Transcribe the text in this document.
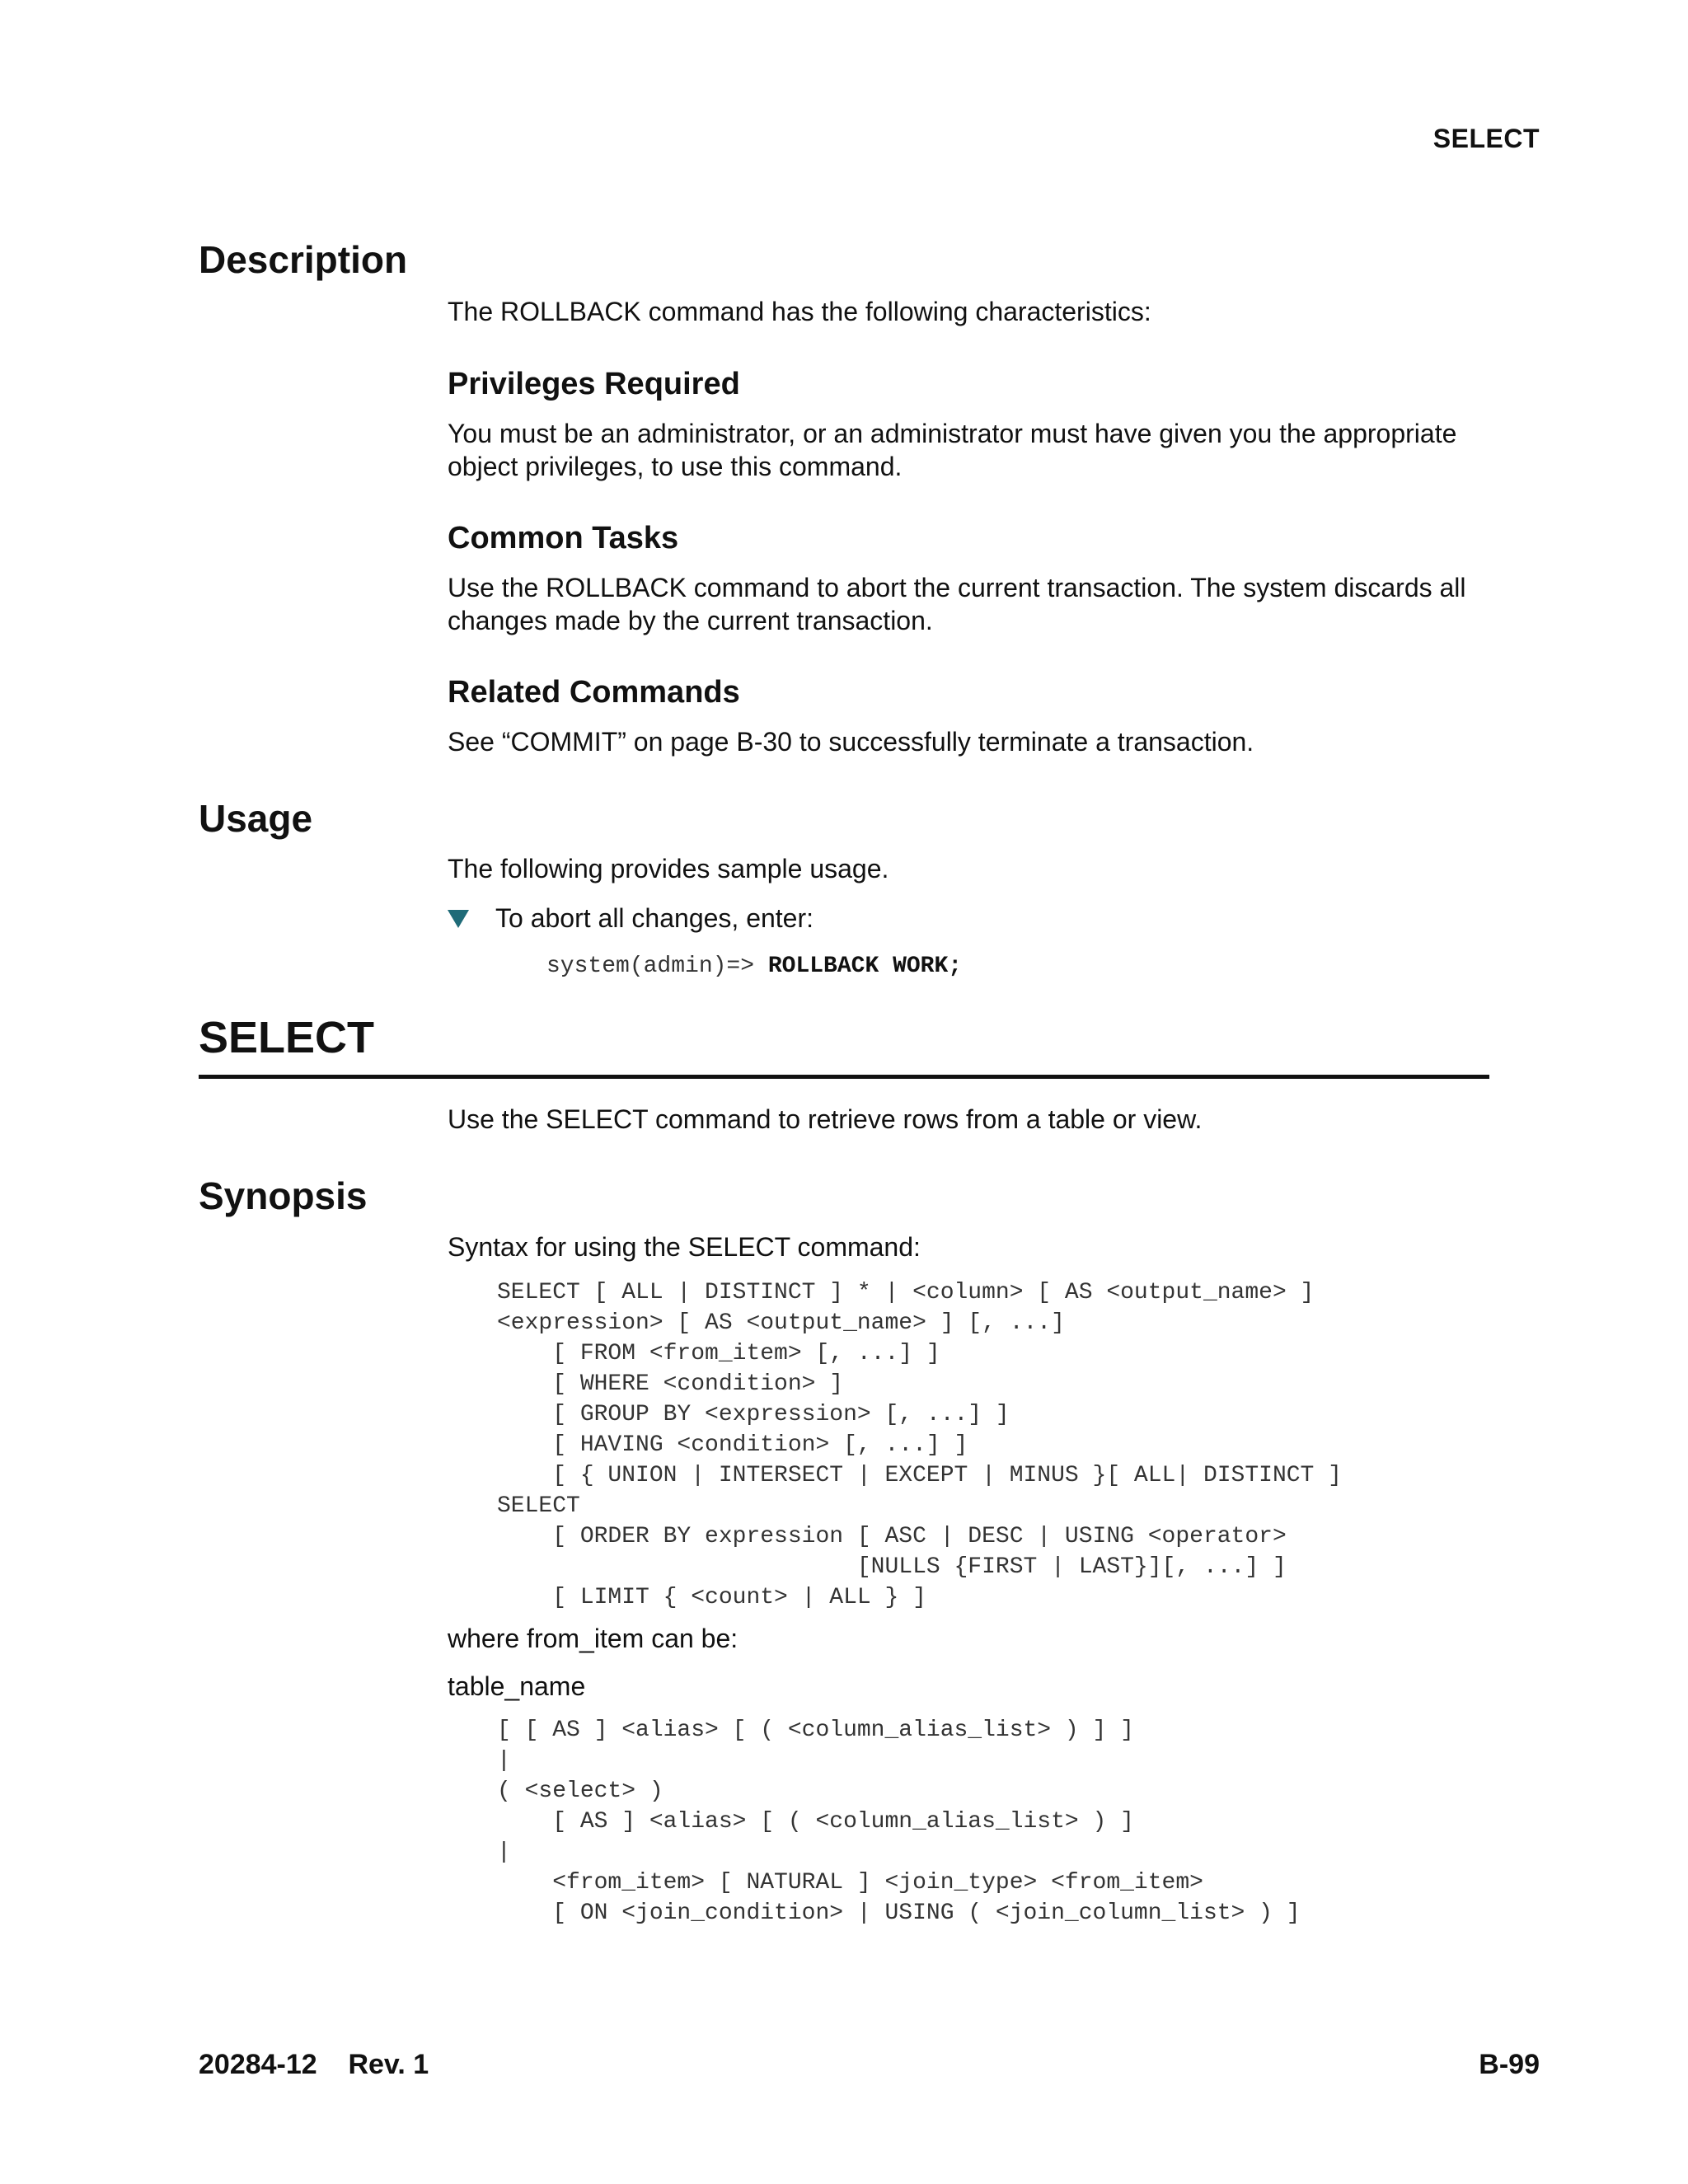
SELECT
Description

The ROLLBACK command has the following characteristics:

Privileges Required

You must be an administrator, or an administrator must have given you the appropriate object privileges, to use this command.

Common Tasks

Use the ROLLBACK command to abort the current transaction. The system discards all changes made by the current transaction.

Related Commands

See “COMMIT” on page B-30 to successfully terminate a transaction.

Usage

The following provides sample usage.

To abort all changes, enter:
system(admin)=> ROLLBACK WORK;
SELECT

Use the SELECT command to retrieve rows from a table or view.

Synopsis

Syntax for using the SELECT command:

SELECT [ ALL | DISTINCT ] * | <column> [ AS <output_name> ]
<expression> [ AS <output_name> ] [, ...]
[ FROM <from_item> [, ...] ]
[ WHERE <condition> ]
[ GROUP BY <expression> [, ...] ]
[ HAVING <condition> [, ...] ]
[ { UNION | INTERSECT | EXCEPT | MINUS }[ ALL| DISTINCT ]
SELECT
[ ORDER BY expression [ ASC | DESC | USING <operator>
[NULLS {FIRST | LAST}][, ...] ]
[ LIMIT { <count> | ALL } ]

where from_item can be:

table_name

[ [ AS ] <alias> [ ( <column_alias_list> ) ] ]
|
( <select> )
[ AS ] <alias> [ ( <column_alias_list> ) ]
|
<from_item> [ NATURAL ] <join_type> <from_item>
[ ON <join_condition> | USING ( <join_column_list> ) ]
20284-12    Rev. 1	B-99
